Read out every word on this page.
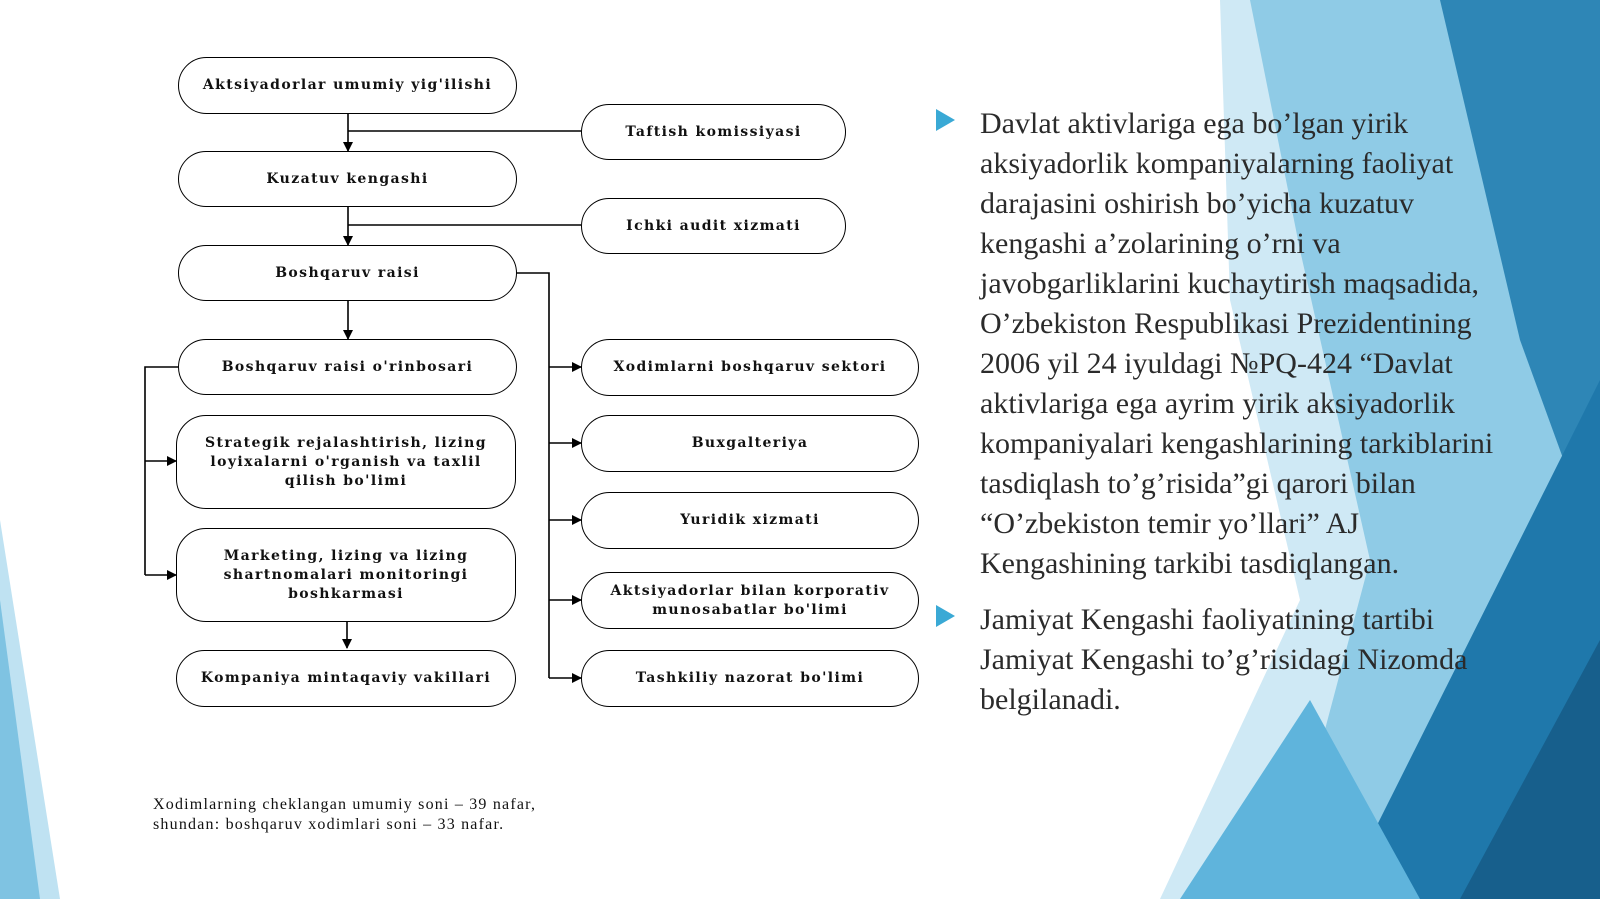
Aktsiyadorlar umumiy yig'ilishi
Taftish komissiyasi
Kuzatuv kengashi
Ichki audit xizmati
Boshqaruv raisi
Boshqaruv raisi o'rinbosari
Strategik rejalashtirish, lizing loyixalarni o'rganish va taxlil qilish bo'limi
Marketing, lizing va lizing shartnomalari monitoringi boshkarmasi
Kompaniya mintaqaviy vakillari
Xodimlarni boshqaruv sektori
Buxgalteriya
Yuridik xizmati
Aktsiyadorlar bilan korporativ munosabatlar bo'limi
Tashkiliy nazorat bo'limi
Xodimlarning cheklangan umumiy soni – 39 nafar,
shundan: boshqaruv xodimlari soni – 33 nafar.
Davlat aktivlariga ega bo’lgan yirik aksiyadorlik kompaniyalarning faoliyat darajasini oshirish bo’yicha kuzatuv kengashi a’zolarining o’rni va javobgarliklarini kuchaytirish maqsadida, O’zbekiston Respublikasi Prezidentining 2006 yil 24 iyuldagi №PQ-424 “Davlat aktivlariga ega ayrim yirik aksiyadorlik kompaniyalari kengashlarining tarkiblarini tasdiqlash to’g’risida”gi qarori bilan “O’zbekiston temir yo’llari” AJ Kengashining tarkibi tasdiqlangan.
Jamiyat Kengashi faoliyatining tartibi Jamiyat Kengashi to’g’risidagi Nizomda belgilanadi.
